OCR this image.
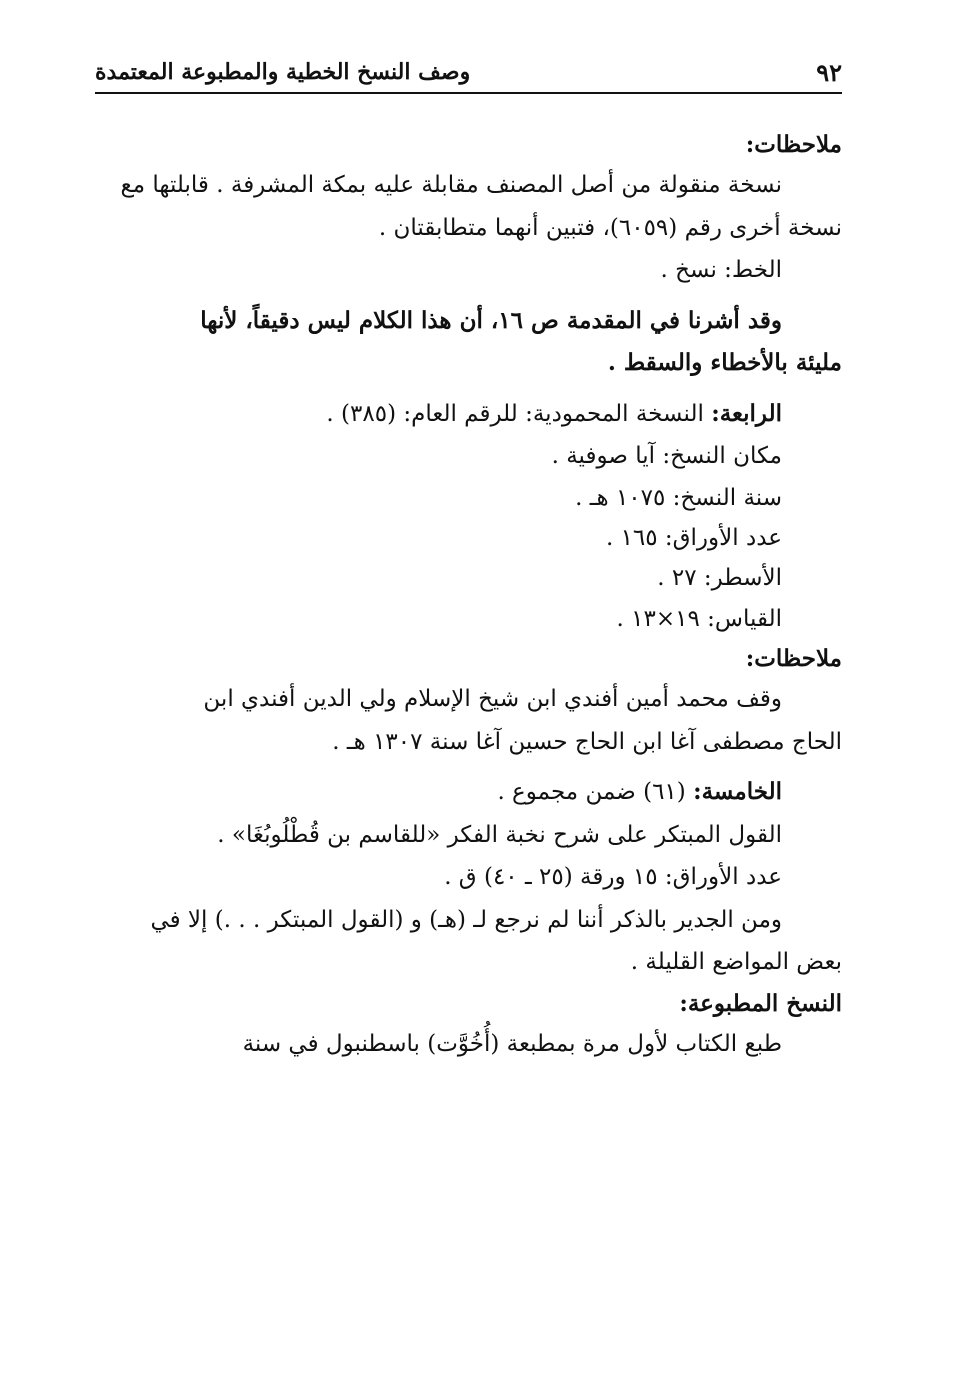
٩٢
وصف النسخ الخطية والمطبوعة المعتمدة

ملاحظات:

نسخة منقولة من أصل المصنف مقابلة عليه بمكة المشرفة . قابلتها مع
نسخة أخرى رقم (٦٠٥٩)، فتبين أنهما متطابقتان .

الخط: نسخ .

وقد أشرنا في المقدمة ص ١٦، أن هذا الكلام ليس دقيقاً، لأنها
مليئة بالأخطاء والسقط .

الرابعة: النسخة المحمودية: للرقم العام: (٣٨٥) .

مكان النسخ: آيا صوفية .

سنة النسخ: ١٠٧٥ هـ .

عدد الأوراق: ١٦٥ .

الأسطر: ٢٧ .

القياس: ١٩×١٣ .

ملاحظات:

وقف محمد أمين أفندي ابن شيخ الإسلام ولي الدين أفندي ابن
الحاج مصطفى آغا ابن الحاج حسين آغا سنة ١٣٠٧ هـ .

الخامسة: (٦١) ضمن مجموع .

القول المبتكر على شرح نخبة الفكر «للقاسم بن قُطْلُوبُغَا» .

عدد الأوراق: ١٥ ورقة (٢٥ ـ ٤٠) ق .

ومن الجدير بالذكر أننا لم نرجع لـ (هـ) و (القول المبتكر . . .) إلا في
بعض المواضع القليلة .

النسخ المطبوعة:

طبع الكتاب لأول مرة بمطبعة (أُخُوَّت) باسطنبول في سنة
